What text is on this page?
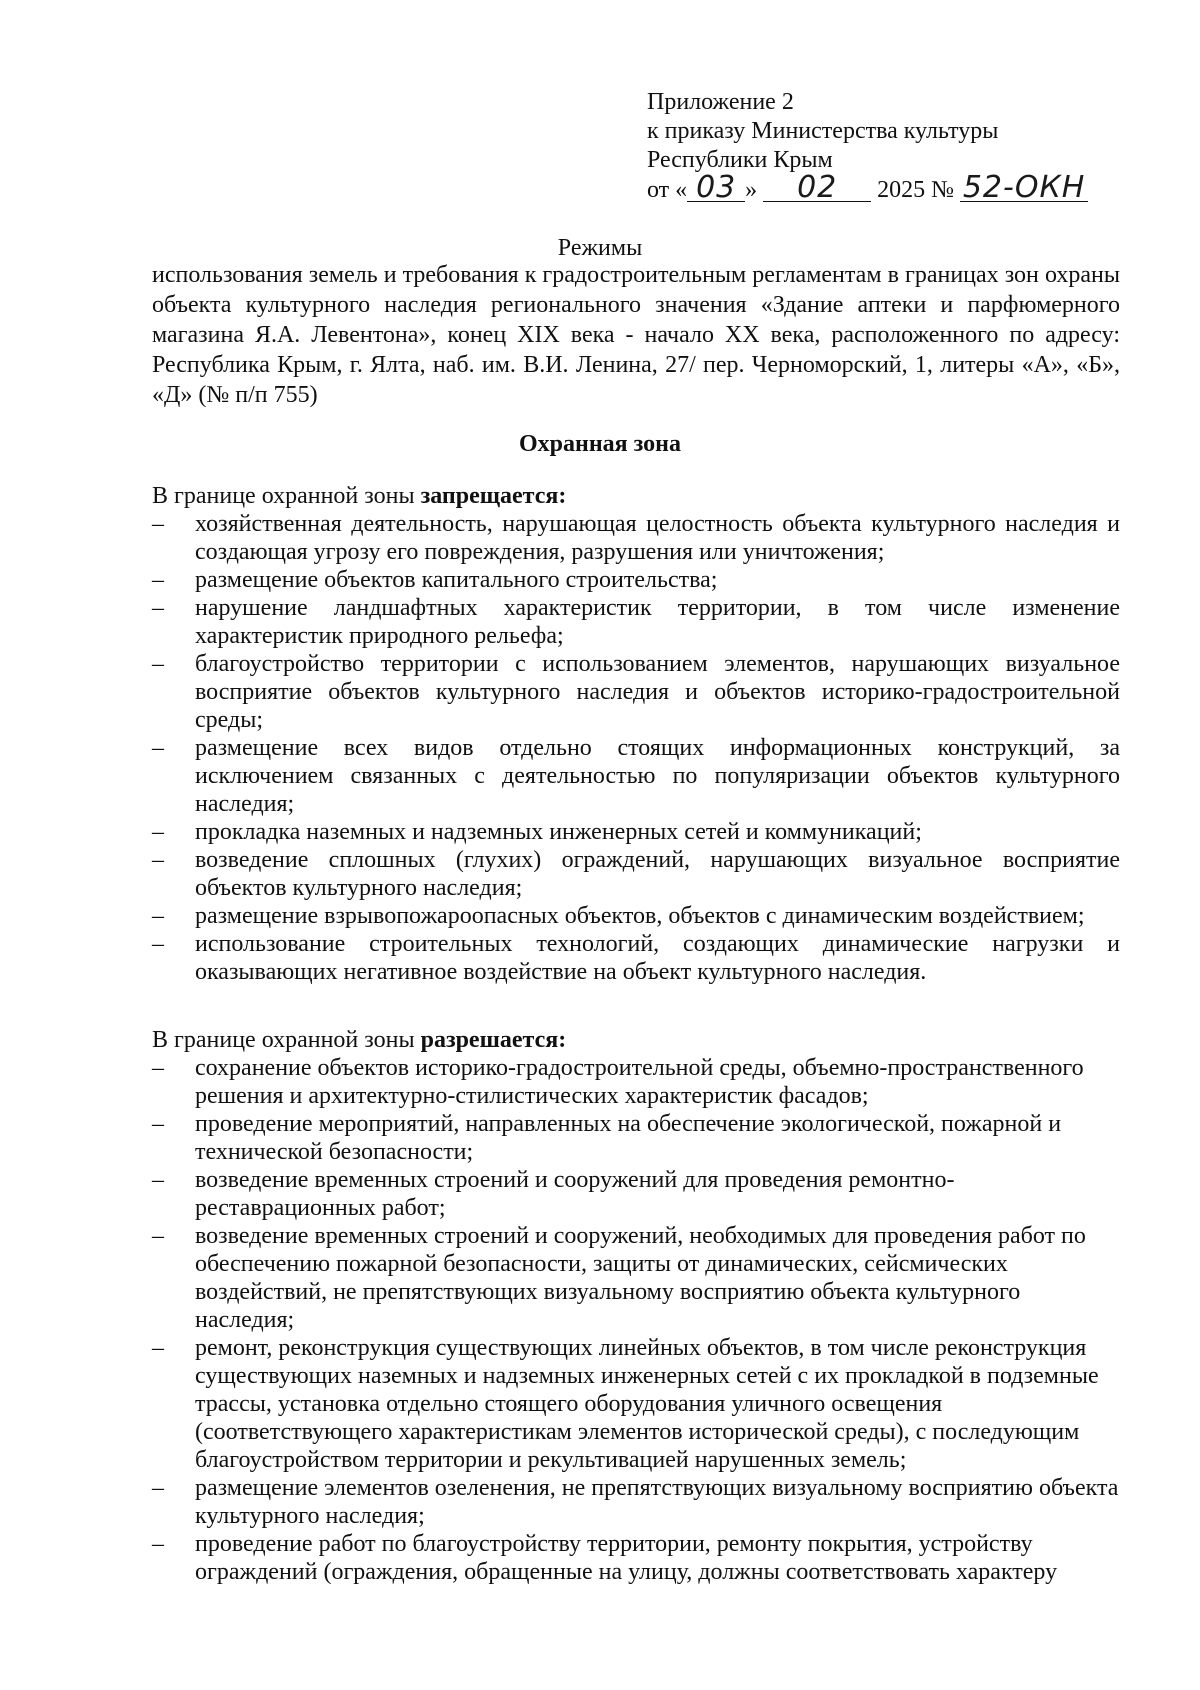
Приложение 2
к приказу Министерства культуры
Республики Крым
от « 03 » 02 2025 № 52-ОКН
Режимы
использования земель и требования к градостроительным регламентам в границах зон охраны объекта культурного наследия регионального значения «Здание аптеки и парфюмерного магазина Я.А. Левентона», конец XIX века - начало XX века, расположенного по адресу: Республика Крым, г. Ялта, наб. им. В.И. Ленина, 27/ пер. Черноморский, 1, литеры «А», «Б», «Д» (№ п/п 755)
Охранная зона

В границе охранной зоны запрещается:

–	хозяйственная деятельность, нарушающая целостность объекта культурного наследия и создающая угрозу его повреждения, разрушения или уничтожения;
–	размещение объектов капитального строительства;
–	нарушение ландшафтных характеристик территории, в том числе изменение характеристик природного рельефа;
–	благоустройство территории с использованием элементов, нарушающих визуальное восприятие объектов культурного наследия и объектов историко-градостроительной среды;
–	размещение всех видов отдельно стоящих информационных конструкций, за исключением связанных с деятельностью по популяризации объектов культурного наследия;
–	прокладка наземных и надземных инженерных сетей и коммуникаций;
–	возведение сплошных (глухих) ограждений, нарушающих визуальное восприятие объектов культурного наследия;
–	размещение взрывопожароопасных объектов, объектов с динамическим воздействием;
–	использование строительных технологий, создающих динамические нагрузки и оказывающих негативное воздействие на объект культурного наследия.

В границе охранной зоны разрешается:

–	сохранение объектов историко-градостроительной среды, объемно-пространственного решения и архитектурно-стилистических характеристик фасадов;
–	проведение мероприятий, направленных на обеспечение экологической, пожарной и технической безопасности;
–	возведение временных строений и сооружений для проведения ремонтно-реставрационных работ;
–	возведение временных строений и сооружений, необходимых для проведения работ по обеспечению пожарной безопасности, защиты от динамических, сейсмических воздействий, не препятствующих визуальному восприятию объекта культурного наследия;
–	ремонт, реконструкция существующих линейных объектов, в том числе реконструкция существующих наземных и надземных инженерных сетей с их прокладкой в подземные трассы, установка отдельно стоящего оборудования уличного освещения (соответствующего характеристикам элементов исторической среды), с последующим благоустройством территории и рекультивацией нарушенных земель;
–	размещение элементов озеленения, не препятствующих визуальному восприятию объекта культурного наследия;
–	проведение работ по благоустройству территории, ремонту покрытия, устройству ограждений (ограждения, обращенные на улицу, должны соответствовать характеру
